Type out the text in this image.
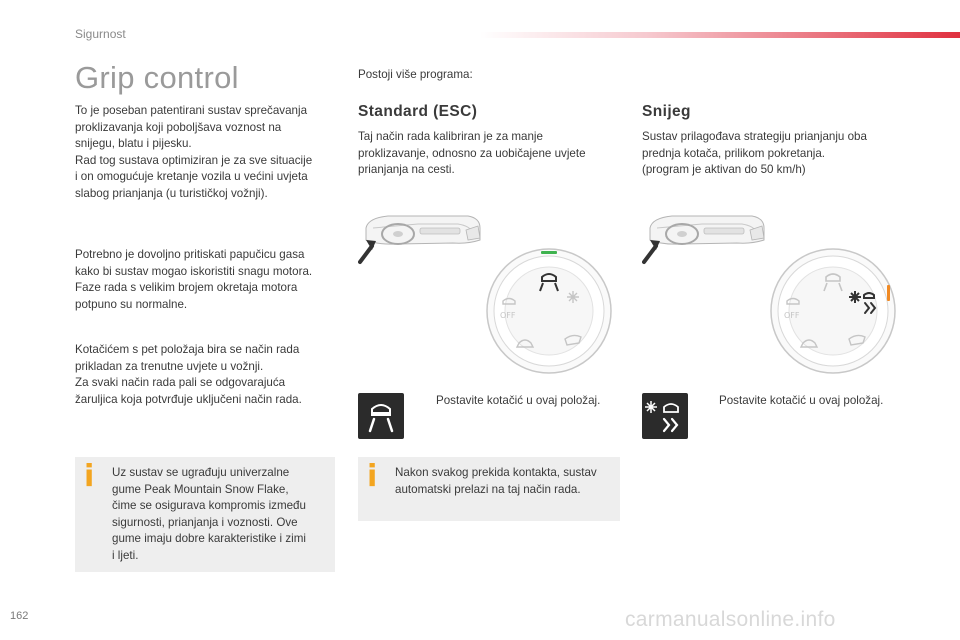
Sigurnost
Grip control

To je poseban patentirani sustav sprečavanja
proklizavanja koji poboljšava voznost na
snijegu, blatu i pijesku.
Rad tog sustava optimiziran je za sve situacije
i on omogućuje kretanje vozila u većini uvjeta
slabog prianjanja (u turističkoj vožnji).

Potrebno je dovoljno pritiskati papučicu gasa
kako bi sustav mogao iskoristiti snagu motora.
Faze rada s velikim brojem okretaja motora
potpuno su normalne.

Kotačićem s pet položaja bira se način rada
prikladan za trenutne uvjete u vožnji.
Za svaki način rada pali se odgovarajuća
žaruljica koja potvrđuje uključeni način rada.

i Uz sustav se ugrađuju univerzalne
gume Peak Mountain Snow Flake,
čime se osigurava kompromis između
sigurnosti, prianjanja i voznosti. Ove
gume imaju dobre karakteristike i zimi
i ljeti.

Postoji više programa:
Standard (ESC)

Taj način rada kalibriran je za manje
proklizavanje, odnosno za uobičajene uvjete
prianjanja na cesti.

OFF
Postavite kotačić u ovaj položaj.
i Nakon svakog prekida kontakta, sustav
automatski prelazi na taj način rada.

Snijeg

Sustav prilagođava strategiju prianjanju oba
prednja kotača, prilikom pokretanja.
(program je aktivan do 50 km/h)

OFF
Postavite kotačić u ovaj položaj.
162	carmanualsonline.info
